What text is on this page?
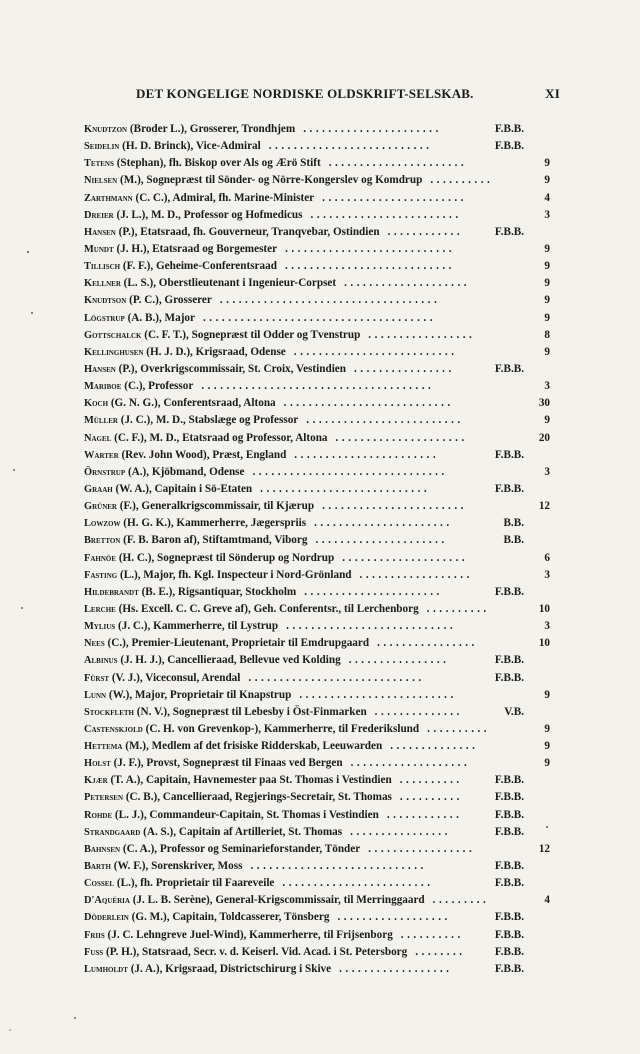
DET KONGELIGE NORDISKE OLDSKRIFT-SELSKAB.	XI
Knudtzon (Broder L.), Grosserer, Trondhjem	F.B.B.
......................
Seidelin (H. D. Brinck), Vice-Admiral	F.B.B.
..........................
Tetens (Stephan), fh. Biskop over Als og Ærö Stift	9
......................
Nielsen (M.), Sognepræst til Sönder- og Nörre-Kongerslev og Komdrup	9
..........
Zarthmann (C. C.), Admiral, fh. Marine-Minister	4
.......................
Dreier (J. L.), M. D., Professor og Hofmedicus	3
........................
Hansen (P.), Etatsraad, fh. Gouverneur, Tranqvebar, Ostindien	F.B.B.
............
Mundt (J. H.), Etatsraad og Borgemester	9
...........................
Tillisch (F. F.), Geheime-Conferentsraad	9
...........................
Kellner (L. S.), Oberstlieutenant i Ingenieur-Corpset	9
....................
Knudtson (P. C.), Grosserer	9
...................................
Lögstrup (A. B.), Major	9
.....................................
Gottschalck (C. F. T.), Sognepræst til Odder og Tvenstrup	8
.................
Kellinghusen (H. J. D.), Krigsraad, Odense	9
..........................
Hansen (P.), Overkrigscommissair, St. Croix, Vestindien	F.B.B.
................
Mariboe (C.), Professor	3
.....................................
Koch (G. N. G.), Conferentsraad, Altona	30
...........................
Müller (J. C.), M. D., Stabslæge og Professor	9
.........................
Nagel (C. F.), M. D., Etatsraad og Professor, Altona	20
.....................
Warter (Rev. John Wood), Præst, England	F.B.B.
.......................
Örnstrup (A.), Kjöbmand, Odense	3
...............................
Graah (W. A.), Capitain i Sö-Etaten	F.B.B.
...........................
Grüner (F.), Generalkrigscommissair, til Kjærup	12
.......................
Lowzow (H. G. K.), Kammerherre, Jægerspriis	B.B.
......................
Bretton (F. B. Baron af), Stiftamtmand, Viborg	B.B.
.....................
Fahnöe (H. C.), Sognepræst til Sönderup og Nordrup	6
....................
Fasting (L.), Major, fh. Kgl. Inspecteur i Nord-Grönland	3
..................
Hildebrandt (B. E.), Rigsantiquar, Stockholm	F.B.B.
......................
Lerche (Hs. Excell. C. C. Greve af), Geh. Conferentsr., til Lerchenborg	10
..........
Mylius (J. C.), Kammerherre, til Lystrup	3
...........................
Nees (C.), Premier-Lieutenant, Proprietair til Emdrupgaard	10
................
Albinus (J. H. J.), Cancellieraad, Bellevue ved Kolding	F.B.B.
................
Fürst (V. J.), Viceconsul, Arendal	F.B.B.
............................
Lunn (W.), Major, Proprietair til Knapstrup	9
.........................
Stockfleth (N. V.), Sognepræst til Lebesby i Öst-Finmarken	V.B.
..............
Castenskjold (C. H. von Grevenkop-), Kammerherre, til Frederikslund	9
..........
Hettema (M.), Medlem af det frisiske Ridderskab, Leeuwarden	9
..............
Holst (J. F.), Provst, Sognepræst til Finaas ved Bergen	9
...................
Kjær (T. A.), Capitain, Havnemester paa St. Thomas i Vestindien	F.B.B.
..........
Petersen (C. B.), Cancellieraad, Regjerings-Secretair, St. Thomas	F.B.B.
..........
Rohde (L. J.), Commandeur-Capitain, St. Thomas i Vestindien	F.B.B.
............
Strandgaard (A. S.), Capitain af Artilleriet, St. Thomas	F.B.B.
................
Bahnsen (C. A.), Professor og Seminarieforstander, Tönder	12
.................
Barth (W. F.), Sorenskriver, Moss	F.B.B.
............................
Cossel (L.), fh. Proprietair til Faareveile	F.B.B.
........................
D'Aquéria (J. L. B. Serène), General-Krigscommissair, til Merringgaard	4
.........
Döderlein (G. M.), Capitain, Toldcasserer, Tönsberg	F.B.B.
..................
Friis (J. C. Lehngreve Juel-Wind), Kammerherre, til Frijsenborg	F.B.B.
..........
Fuss (P. H.), Statsraad, Secr. v. d. Keiserl. Vid. Acad. i St. Petersborg	F.B.B.
........
Lumholdt (J. A.), Krigsraad, Districtschirurg i Skive	F.B.B.
..................
